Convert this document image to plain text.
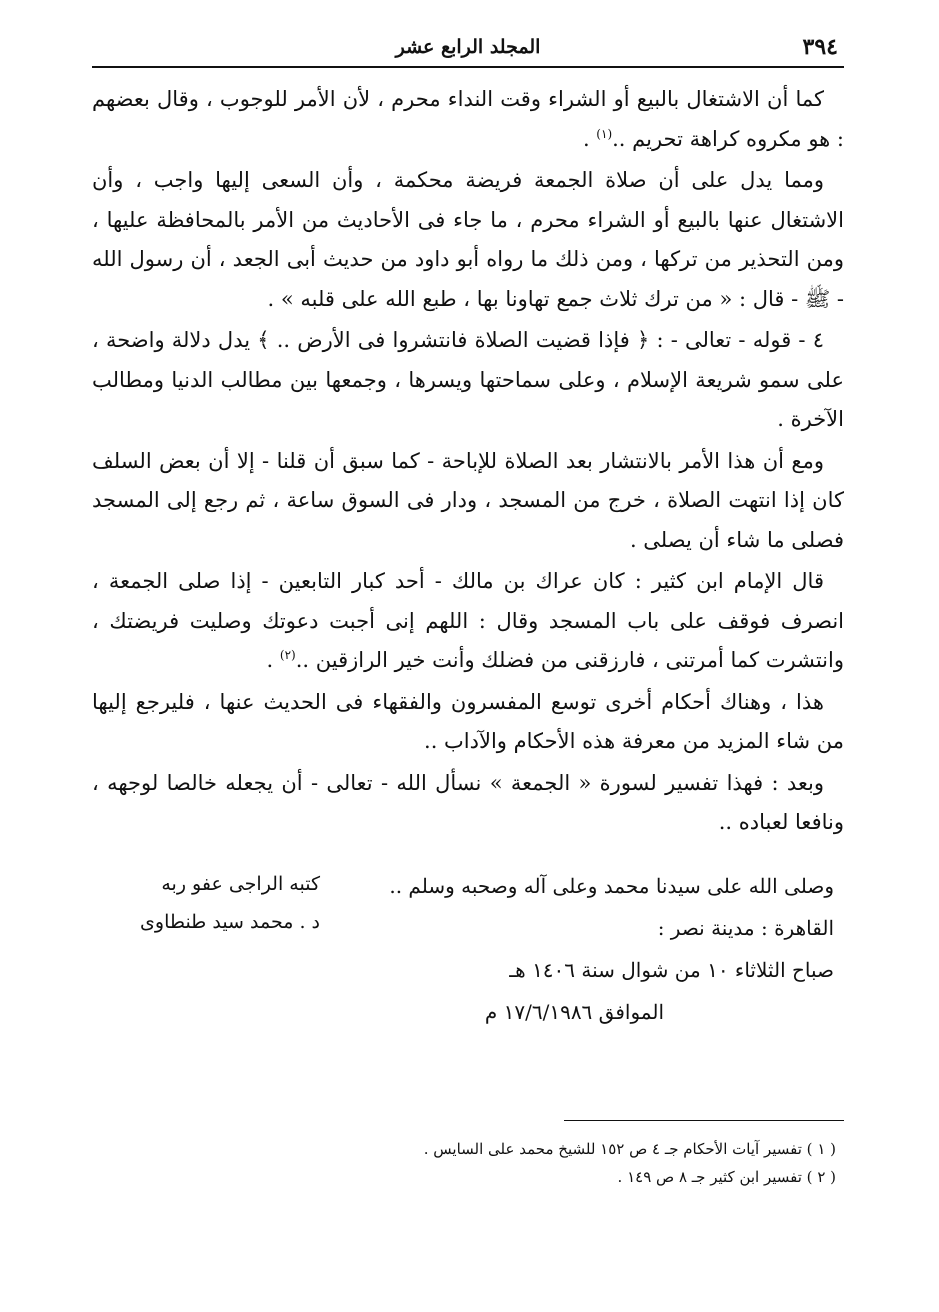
٣٩٤
المجلد الرابع عشر

كما أن الاشتغال بالبيع أو الشراء وقت النداء محرم ، لأن الأمر للوجوب ، وقال بعضهم : هو مكروه كراهة تحريم ..$^{(١)}$ .

ومما يدل على أن صلاة الجمعة فريضة محكمة ، وأن السعى إليها واجب ، وأن الاشتغال عنها بالبيع أو الشراء محرم ، ما جاء فى الأحاديث من الأمر بالمحافظة عليها ، ومن التحذير من تركها ، ومن ذلك ما رواه أبو داود من حديث أبى الجعد ، أن رسول الله - ﷺ - قال : « من ترك ثلاث جمع تهاونا بها ، طبع الله على قلبه » .

٤ - قوله - تعالى - : ﴿ فإذا قضيت الصلاة فانتشروا فى الأرض .. ﴾ يدل دلالة واضحة ، على سمو شريعة الإسلام ، وعلى سماحتها ويسرها ، وجمعها بين مطالب الدنيا ومطالب الآخرة .

ومع أن هذا الأمر بالانتشار بعد الصلاة للإباحة - كما سبق أن قلنا - إلا أن بعض السلف كان إذا انتهت الصلاة ، خرج من المسجد ، ودار فى السوق ساعة ، ثم رجع إلى المسجد فصلى ما شاء أن يصلى .

قال الإمام ابن كثير : كان عراك بن مالك - أحد كبار التابعين - إذا صلى الجمعة ، انصرف فوقف على باب المسجد وقال : اللهم إنى أجبت دعوتك وصليت فريضتك ، وانتشرت كما أمرتنى ، فارزقنى من فضلك وأنت خير الرازقين ..$^{(٢)}$ .

هذا ، وهناك أحكام أخرى توسع المفسرون والفقهاء فى الحديث عنها ، فليرجع إليها من شاء المزيد من معرفة هذه الأحكام والآداب ..

وبعد : فهذا تفسير لسورة « الجمعة » نسأل الله - تعالى - أن يجعله خالصا لوجهه ، ونافعا لعباده ..

وصلى الله على سيدنا محمد وعلى آله وصحبه وسلم ..
القاهرة : مدينة نصر :
صباح الثلاثاء ١٠ من شوال سنة ١٤٠٦ هـ
الموافق ١٧/٦/١٩٨٦ م
كتبه الراجى عفو ربه
د . محمد سيد طنطاوى
( ١ ) تفسير آيات الأحكام جـ ٤ ص ١٥٢ للشيخ محمد على السايس .
( ٢ ) تفسير ابن كثير جـ ٨ ص ١٤٩ .
